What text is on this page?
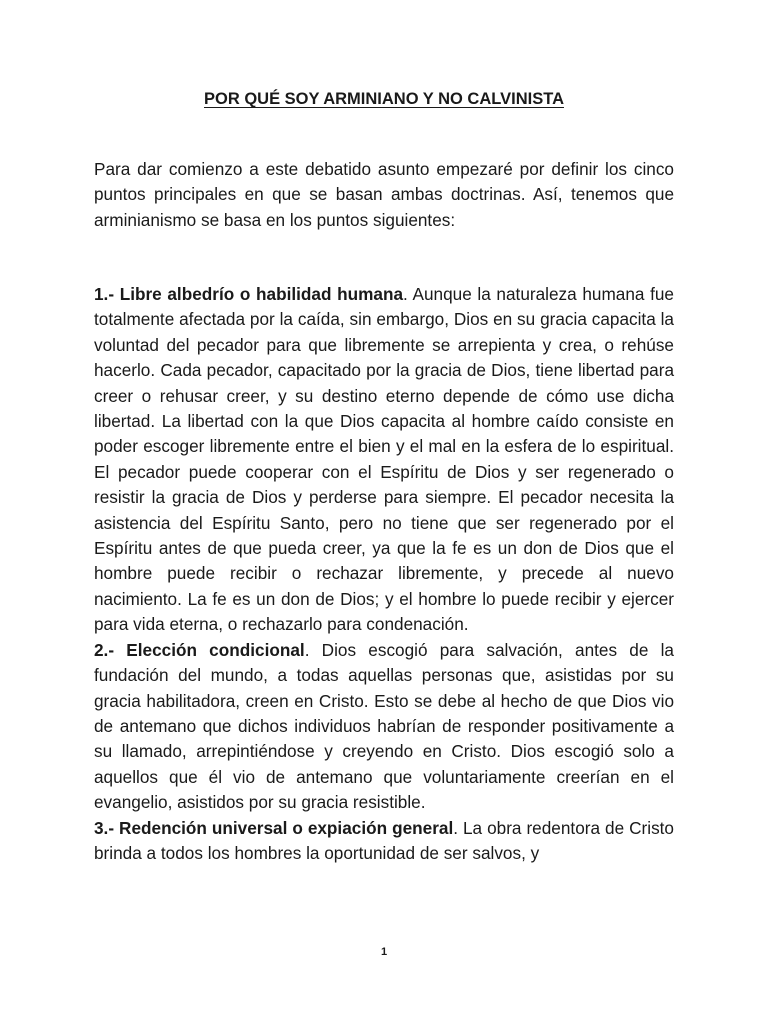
POR QUÉ SOY ARMINIANO Y NO CALVINISTA

Para dar comienzo a este debatido asunto empezaré por definir los cinco puntos principales en que se basan ambas doctrinas. Así, tenemos que arminianismo se basa en los puntos siguientes:

1.- Libre albedrío o habilidad humana. Aunque la naturaleza humana fue totalmente afectada por la caída, sin embargo, Dios en su gracia capacita la voluntad del pecador para que libremente se arrepienta y crea, o rehúse hacerlo. Cada pecador, capacitado por la gracia de Dios, tiene libertad para creer o rehusar creer, y su destino eterno depende de cómo use dicha libertad. La libertad con la que Dios capacita al hombre caído consiste en poder escoger libremente entre el bien y el mal en la esfera de lo espiritual. El pecador puede cooperar con el Espíritu de Dios y ser regenerado o resistir la gracia de Dios y perderse para siempre. El pecador necesita la asistencia del Espíritu Santo, pero no tiene que ser regenerado por el Espíritu antes de que pueda creer, ya que la fe es un don de Dios que el hombre puede recibir o rechazar libremente, y precede al nuevo nacimiento. La fe es un don de Dios; y el hombre lo puede recibir y ejercer para vida eterna, o rechazarlo para condenación.

2.- Elección condicional. Dios escogió para salvación, antes de la fundación del mundo, a todas aquellas personas que, asistidas por su gracia habilitadora, creen en Cristo. Esto se debe al hecho de que Dios vio de antemano que dichos individuos habrían de responder positivamente a su llamado, arrepintiéndose y creyendo en Cristo. Dios escogió solo a aquellos que él vio de antemano que voluntariamente creerían en el evangelio, asistidos por su gracia resistible.

3.- Redención universal o expiación general. La obra redentora de Cristo brinda a todos los hombres la oportunidad de ser salvos, y

1
